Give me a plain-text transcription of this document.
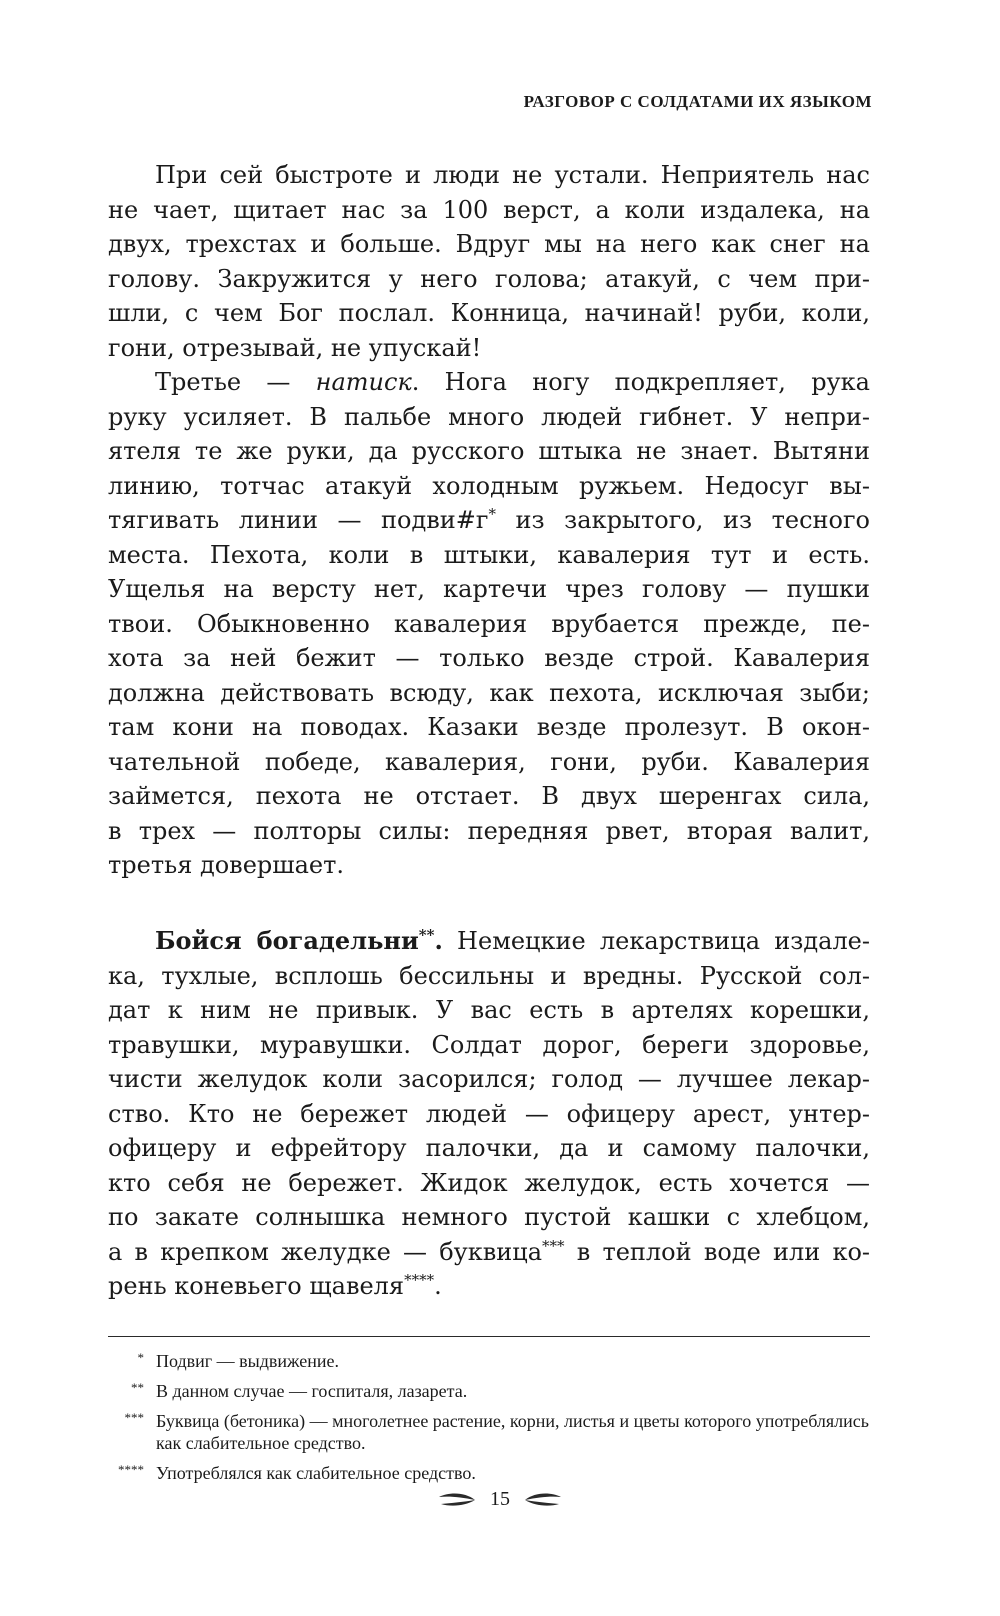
РАЗГОВОР С СОЛДАТАМИ ИХ ЯЗЫКОМ
При сей быстроте и люди не устали. Неприятель нас
не чает, щитает нас за 100 верст, а коли издалека, на
двух, трехстах и больше. Вдруг мы на него как снег на
голову. Закружится у него голова; атакуй, с чем при-
шли, с чем Бог послал. Конница, начинай! руби, коли,
гони, отрезывай, не упускай!
Третье — натиск. Нога ногу подкрепляет, рука
руку усиляет. В пальбе много людей гибнет. У непри-
ятеля те же руки, да русского штыка не знает. Вытяни
линию, тотчас атакуй холодным ружьем. Недосуг вы-
тягивать линии — подви#г* из закрытого, из тесного
места. Пехота, коли в штыки, кавалерия тут и есть.
Ущелья на версту нет, картечи чрез голову — пушки
твои. Обыкновенно кавалерия врубается прежде, пе-
хота за ней бежит — только везде строй. Кавалерия
должна действовать всюду, как пехота, исключая зыби;
там кони на поводах. Казаки везде пролезут. В окон-
чательной победе, кавалерия, гони, руби. Кавалерия
займется, пехота не отстает. В двух шеренгах сила,
в трех — полторы силы: передняя рвет, вторая валит,
третья довершает.
Бойся богадельни**. Немецкие лекарствица издале-
ка, тухлые, всплошь бессильны и вредны. Русской сол-
дат к ним не привык. У вас есть в артелях корешки,
травушки, муравушки. Солдат дорог, береги здоровье,
чисти желудок коли засорился; голод — лучшее лекар-
ство. Кто не бережет людей — офицеру арест, унтер-
офицеру и ефрейтору палочки, да и самому палочки,
кто себя не бережет. Жидок желудок, есть хочется —
по закате солнышка немного пустой кашки с хлебцом,
а в крепком желудке — буквица*** в теплой воде или ко-
рень коневьего щавеля****.
* Подвиг — выдвижение.
** В данном случае — госпиталя, лазарета.
*** Буквица (бетоника) — многолетнее растение, корни, листья и цветы которого употреблялись как слабительное средство.
**** Употреблялся как слабительное средство.
15
